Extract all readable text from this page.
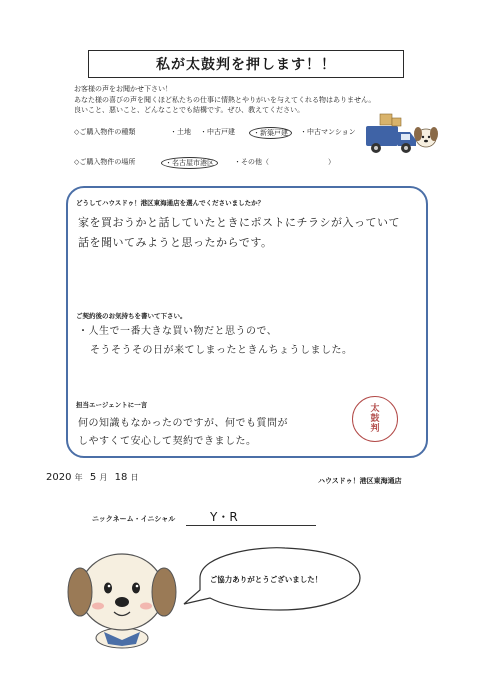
私が太鼓判を押します！！
お客様の声をお聞かせ下さい！
あなた様の喜びの声を聞くほど私たちの仕事に情熱とやりがいを与えてくれる物はありません。
良いこと、悪いこと、どんなことでも結構です。ぜひ、教えてください。
◇ご購入物件の種類	・土地 ・中古戸建	・新築戸建	・中古マンション
◇ご購入物件の場所	・名古屋市港区	・その他（	）
どうしてハウスドゥ！港区東海通店を選んでくださいましたか？
家を買おうかと話していたときにポストにチラシが入っていて
話を聞いてみようと思ったからです。
ご契約後のお気持ちを書いて下さい。
・人生で一番大きな買い物だと思うので、
そうそうその日が来てしまったときんちょうしました。
担当エージェントに一言
何の知識もなかったのですが、何でも質問が
しやすくて安心して契約できました。
太
鼓
判
2020 年 5 月 18 日	ハウスドゥ！港区東海通店
ニックネーム・イニシャル	Y・R
ご協力ありがとうございました！
